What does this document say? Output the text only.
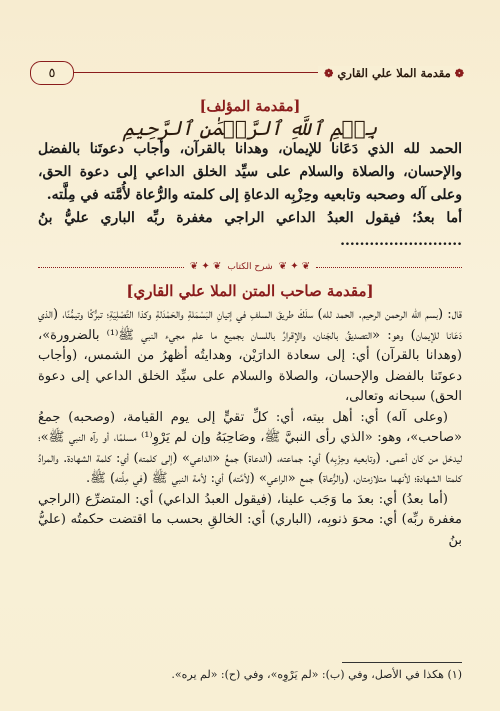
٥	❁
مقدمة الملا علي القاري
❁
[مقدمة المؤلف]
بِسۡمِ ٱللَّهِ ٱلرَّحۡمَٰنِ ٱلرَّحِيمِ

الحمد لله الذي دَعَانا للإيمان، وهدانا بالقرآن، وأجاب دعوتَنا بالفضل والإحسان، والصلاة والسلام على سيِّد الخلق الداعي إلى دعوة الحق، وعلى آله وصحبه وتابعيه وحِزْبِه الدعاةِ إلى كلمته والرُّعاة لأُمَّته في مِلَّته.

أما بعدُ؛ فيقول العبدُ الداعي الراجي مغفرة ربِّه الباري عليُّ بنُ .........................

❦ ✦ ❦
شرح الكتاب
❦ ✦ ❦
[مقدمة صاحب المتن الملا علي القاري]

قال: (بسم الله الرحمن الرحيم. الحمد لله) سلَكَ طريقَ السلفِ في إتيانِ البَسْمَلةِ والحَمْدَلةِ وكذا التَّصْلِيَةِ؛ تبرُّكًا وتيمُّنًا، (الذي دَعَانا للإيمان) وهو: «التصديقُ بالجَنان، والإقرارُ باللسان بجميع ما علم مجيء النبي ﷺ⁽¹⁾ بالضرورة»، (وهدانا بالقرآن) أي: إلى سعادة الدارَيْن، وهدايتُه أظهرُ من الشمس، (وأجاب دعوتَنا بالفضل والإحسان، والصلاة والسلام على سيِّد الخلق الداعي إلى دعوة الحق) سبحانه وتعالى،

(وعلى آله) أي: أهل بيته، أي: كلِّ تقيٍّ إلى يوم القيامة، (وصحبه) جمعُ «صاحب»، وهو: «الذي رأى النبيَّ ﷺ، وصَاحِبَهُ وإن لم يَرْوِ⁽¹⁾ مسلمًا، أو رآه النبي ﷺ»؛ ليدخل من كان أعمى. (وتابعيه وحِزْبِه) أي: جماعته، (الدعاة) جمعُ «الداعي» (إلى كلمته) أي: كلمة الشهادة. والمرادُ كلمتا الشهادة؛ لأنهما متلازمتان، (والرُّعاة) جمع «الراعي» (لأمَّته) أي: لأمة النبي ﷺ (في مِلَّته) ﷺ.

(أما بعدُ) أي: بعدَ ما وَجَب علينا، (فيقول العبدُ الداعي) أي: المتضرِّع (الراجي مغفرة ربِّه) أي: محوَ ذنوبِه، (الباري) أي: الخالقِ بحسب ما اقتضت حكمتُه (عليُّ بنُ

(١) هكذا في الأصل، وفي (ب): «لم يَرْوِه»، وفي (ح): «لم يره».
